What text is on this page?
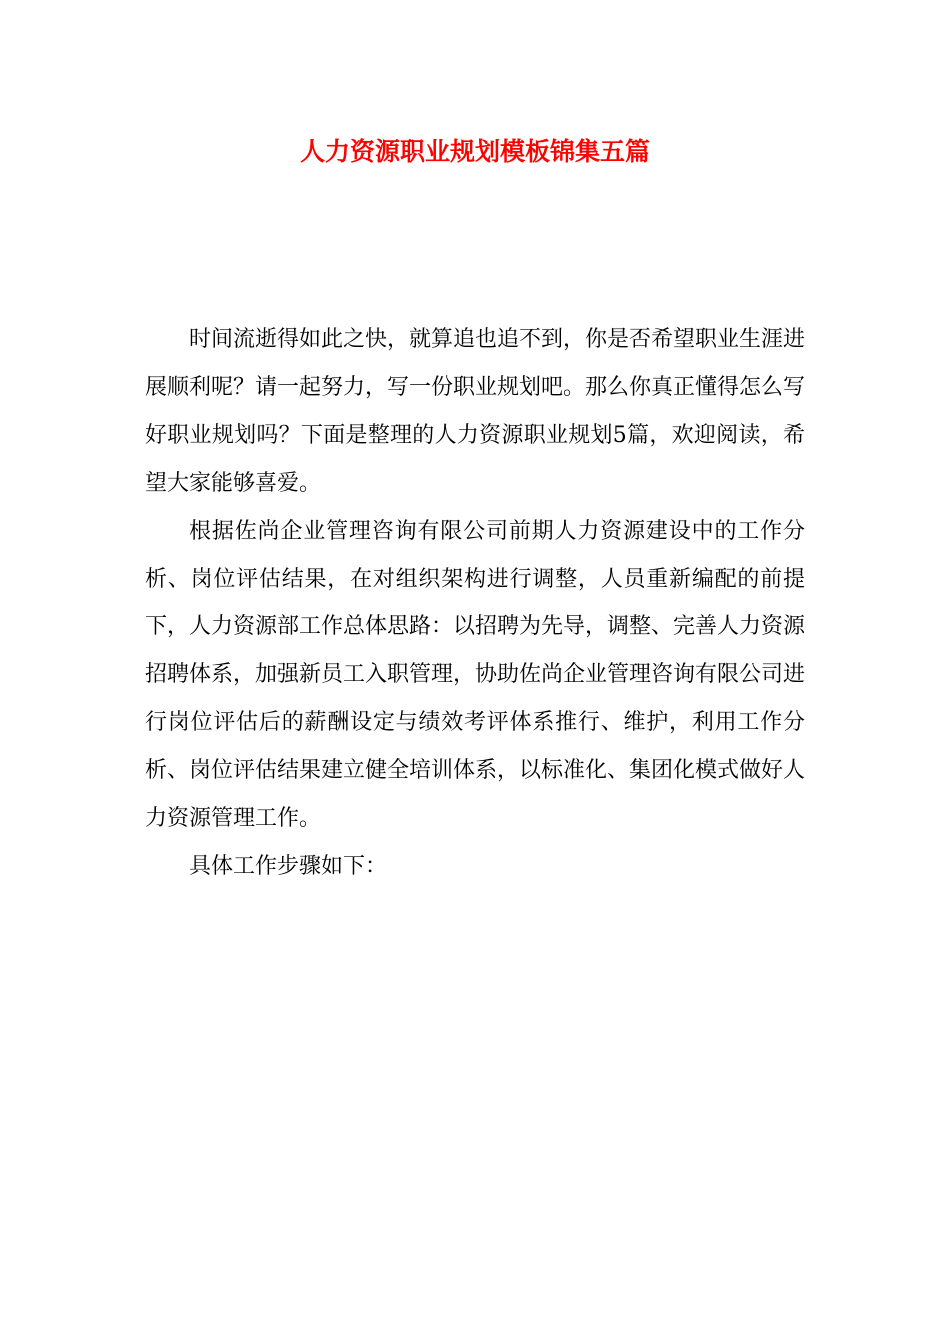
人力资源职业规划模板锦集五篇

时间流逝得如此之快，就算追也追不到，你是否希望职业生涯进展顺利呢？请一起努力，写一份职业规划吧。那么你真正懂得怎么写好职业规划吗？下面是整理的人力资源职业规划5篇，欢迎阅读，希望大家能够喜爱。

根据佐尚企业管理咨询有限公司前期人力资源建设中的工作分析、岗位评估结果，在对组织架构进行调整，人员重新编配的前提下，人力资源部工作总体思路：以招聘为先导，调整、完善人力资源招聘体系，加强新员工入职管理，协助佐尚企业管理咨询有限公司进行岗位评估后的薪酬设定与绩效考评体系推行、维护，利用工作分析、岗位评估结果建立健全培训体系，以标准化、集团化模式做好人力资源管理工作。

具体工作步骤如下：
